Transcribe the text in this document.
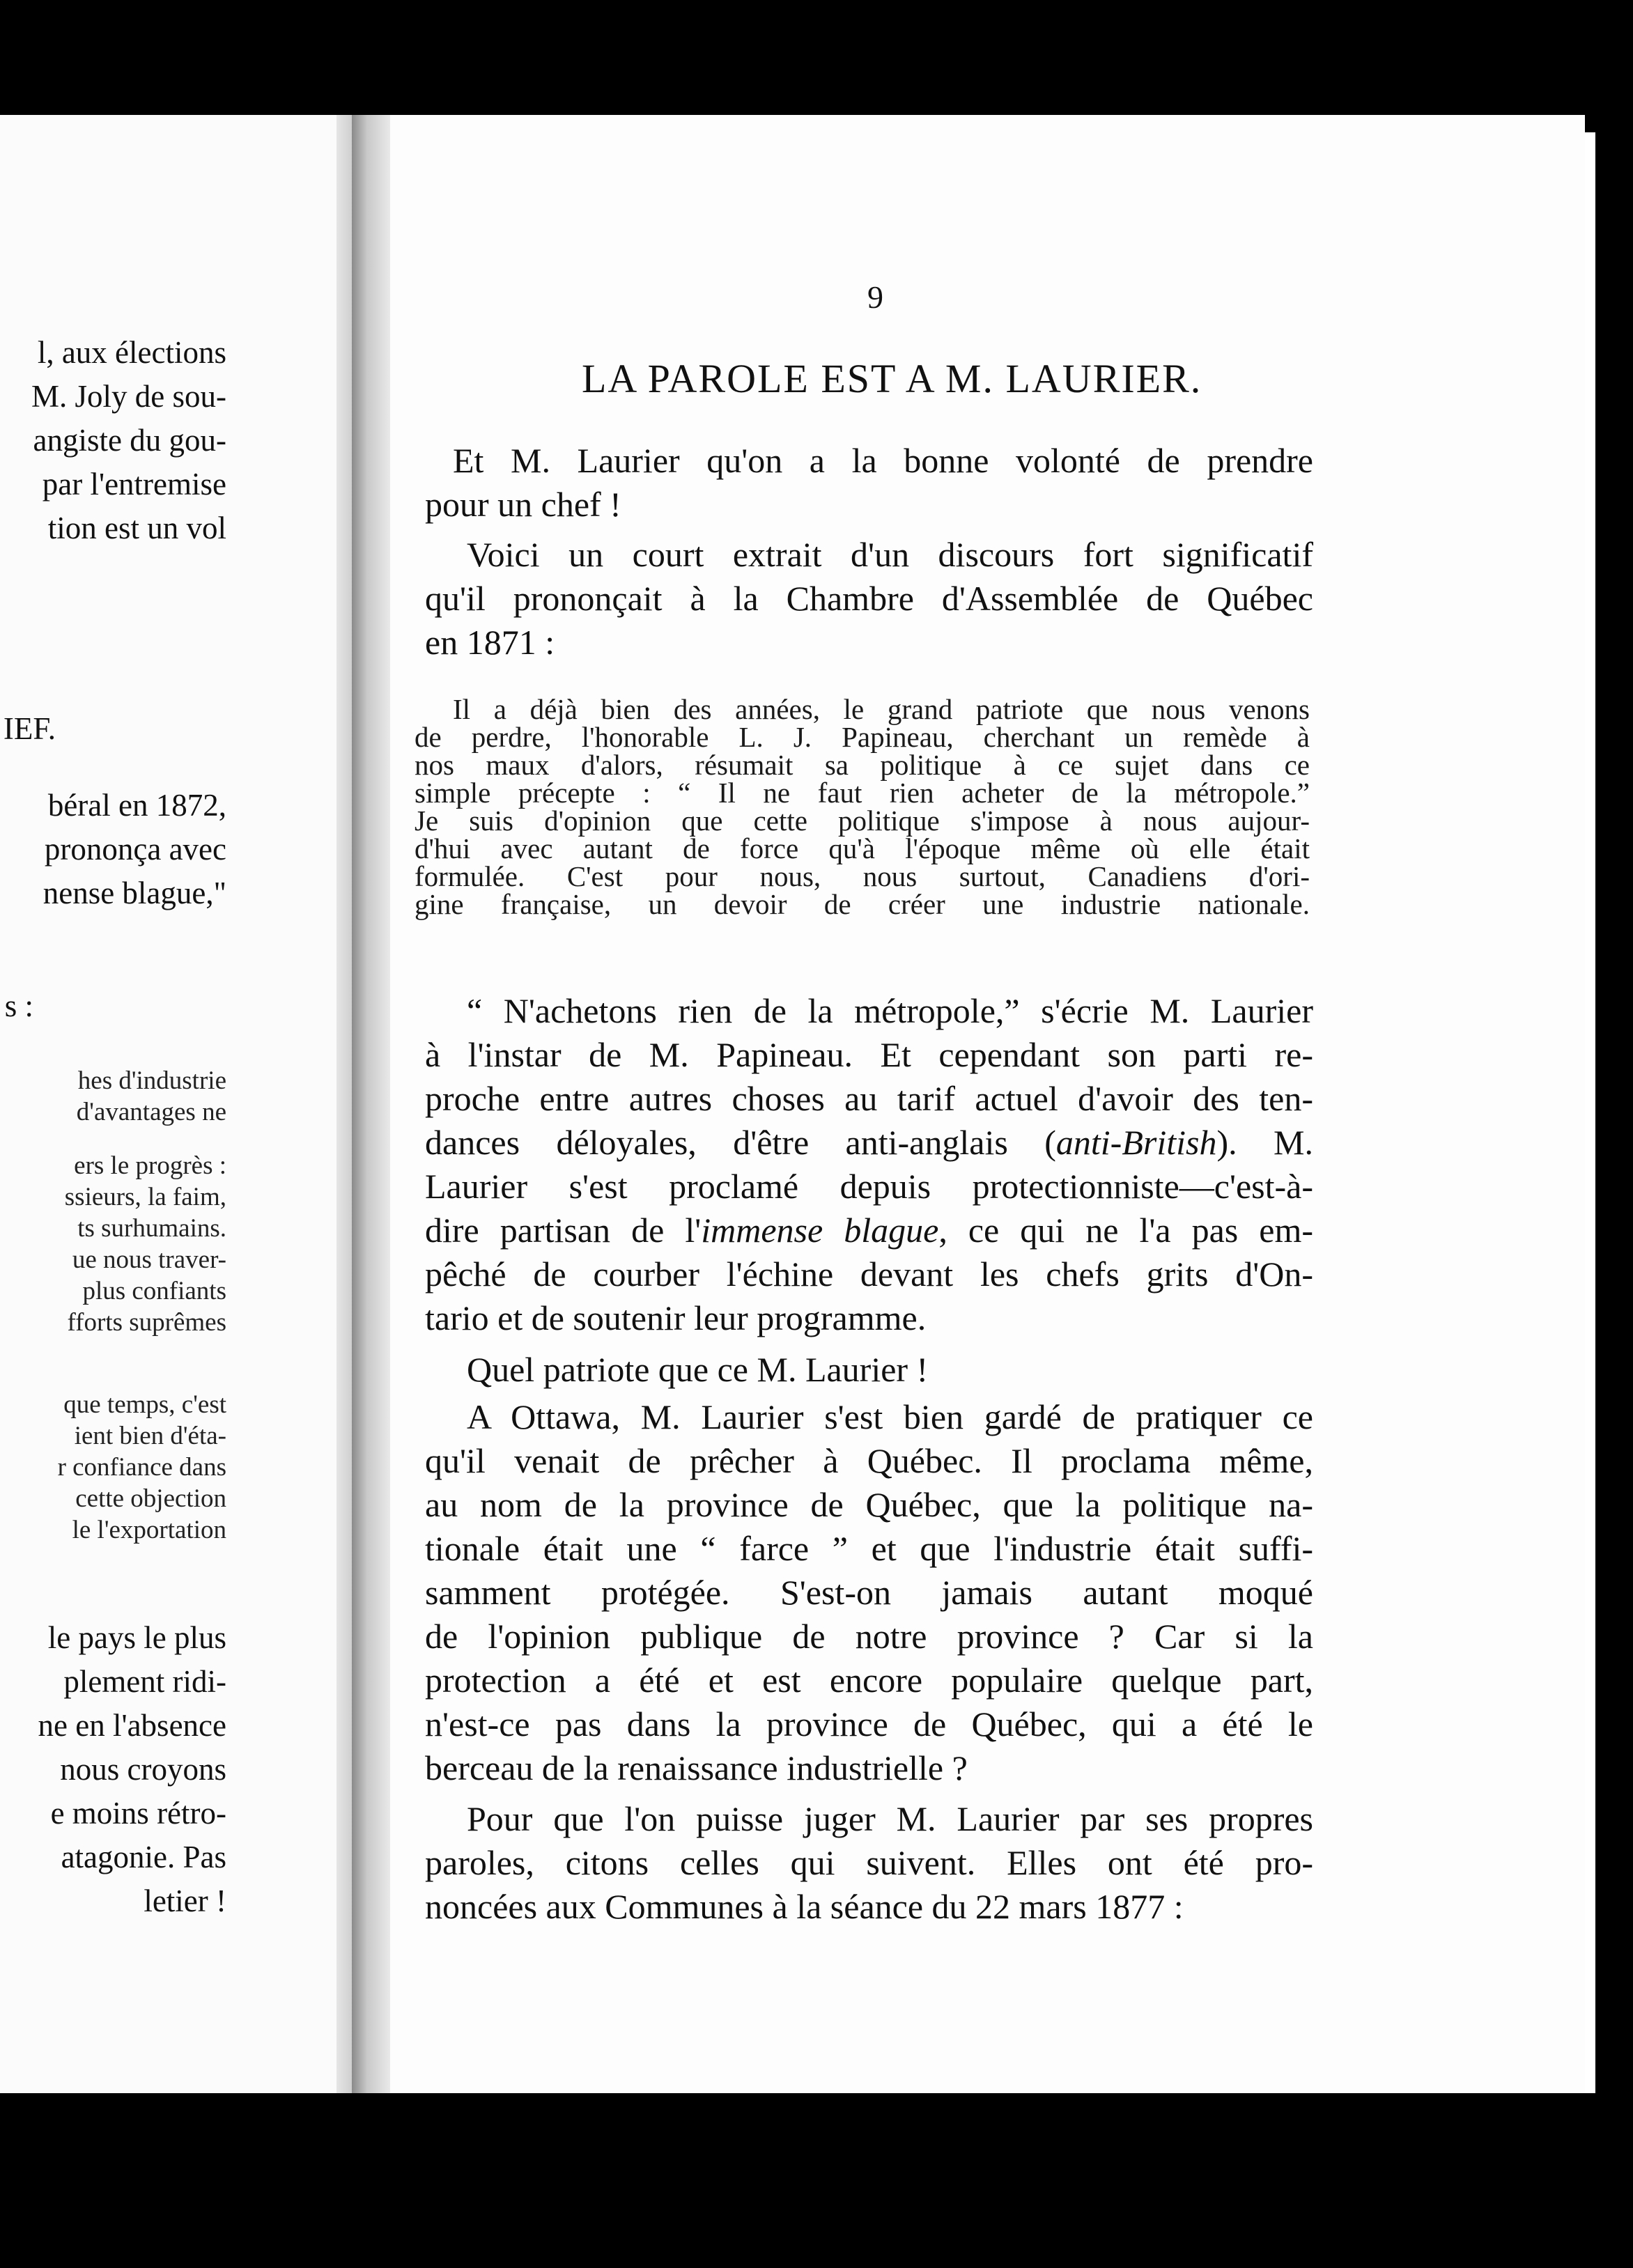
l, aux élections
M. Joly de sou-
angiste du gou-
par l'entremise
tion est un vol
IEF.
béral en 1872,
prononça avec
nense blague,"
s :
hes d'industrie
d'avantages ne
ers le progrès :
ssieurs, la faim,
ts surhumains.
ue nous traver-
plus confiants
fforts suprêmes
que temps, c'est
ient bien d'éta-
r confiance dans
cette objection
le l'exportation
le pays le plus
plement ridi-
ne en l'absence
nous croyons
e moins rétro-
atagonie. Pas
letier !
9
LA PAROLE EST A M. LAURIER.

Et M. Laurier qu'on a la bonne volonté de prendre
pour un chef !

Voici un court extrait d'un discours fort significatif
qu'il prononçait à la Chambre d'Assemblée de Québec
en 1871 :

Il a déjà bien des années, le grand patriote que nous venons
de perdre, l'honorable L. J. Papineau, cherchant un remède à
nos maux d'alors, résumait sa politique à ce sujet dans ce
simple précepte : “ Il ne faut rien acheter de la métropole.”
Je suis d'opinion que cette politique s'impose à nous aujour-
d'hui avec autant de force qu'à l'époque même où elle était
formulée. C'est pour nous, nous surtout, Canadiens d'ori-
gine française, un devoir de créer une industrie nationale.

“ N'achetons rien de la métropole,” s'écrie M. Laurier
à l'instar de M. Papineau. Et cependant son parti re-
proche entre autres choses au tarif actuel d'avoir des ten-
dances déloyales, d'être anti-anglais (anti-British). M.
Laurier s'est proclamé depuis protectionniste—c'est-à-
dire partisan de l'immense blague, ce qui ne l'a pas em-
pêché de courber l'échine devant les chefs grits d'On-
tario et de soutenir leur programme.

Quel patriote que ce M. Laurier !

A Ottawa, M. Laurier s'est bien gardé de pratiquer ce
qu'il venait de prêcher à Québec. Il proclama même,
au nom de la province de Québec, que la politique na-
tionale était une “ farce ” et que l'industrie était suffi-
samment protégée. S'est-on jamais autant moqué
de l'opinion publique de notre province ? Car si la
protection a été et est encore populaire quelque part,
n'est-ce pas dans la province de Québec, qui a été le
berceau de la renaissance industrielle ?

Pour que l'on puisse juger M. Laurier par ses propres
paroles, citons celles qui suivent. Elles ont été pro-
noncées aux Communes à la séance du 22 mars 1877 :
